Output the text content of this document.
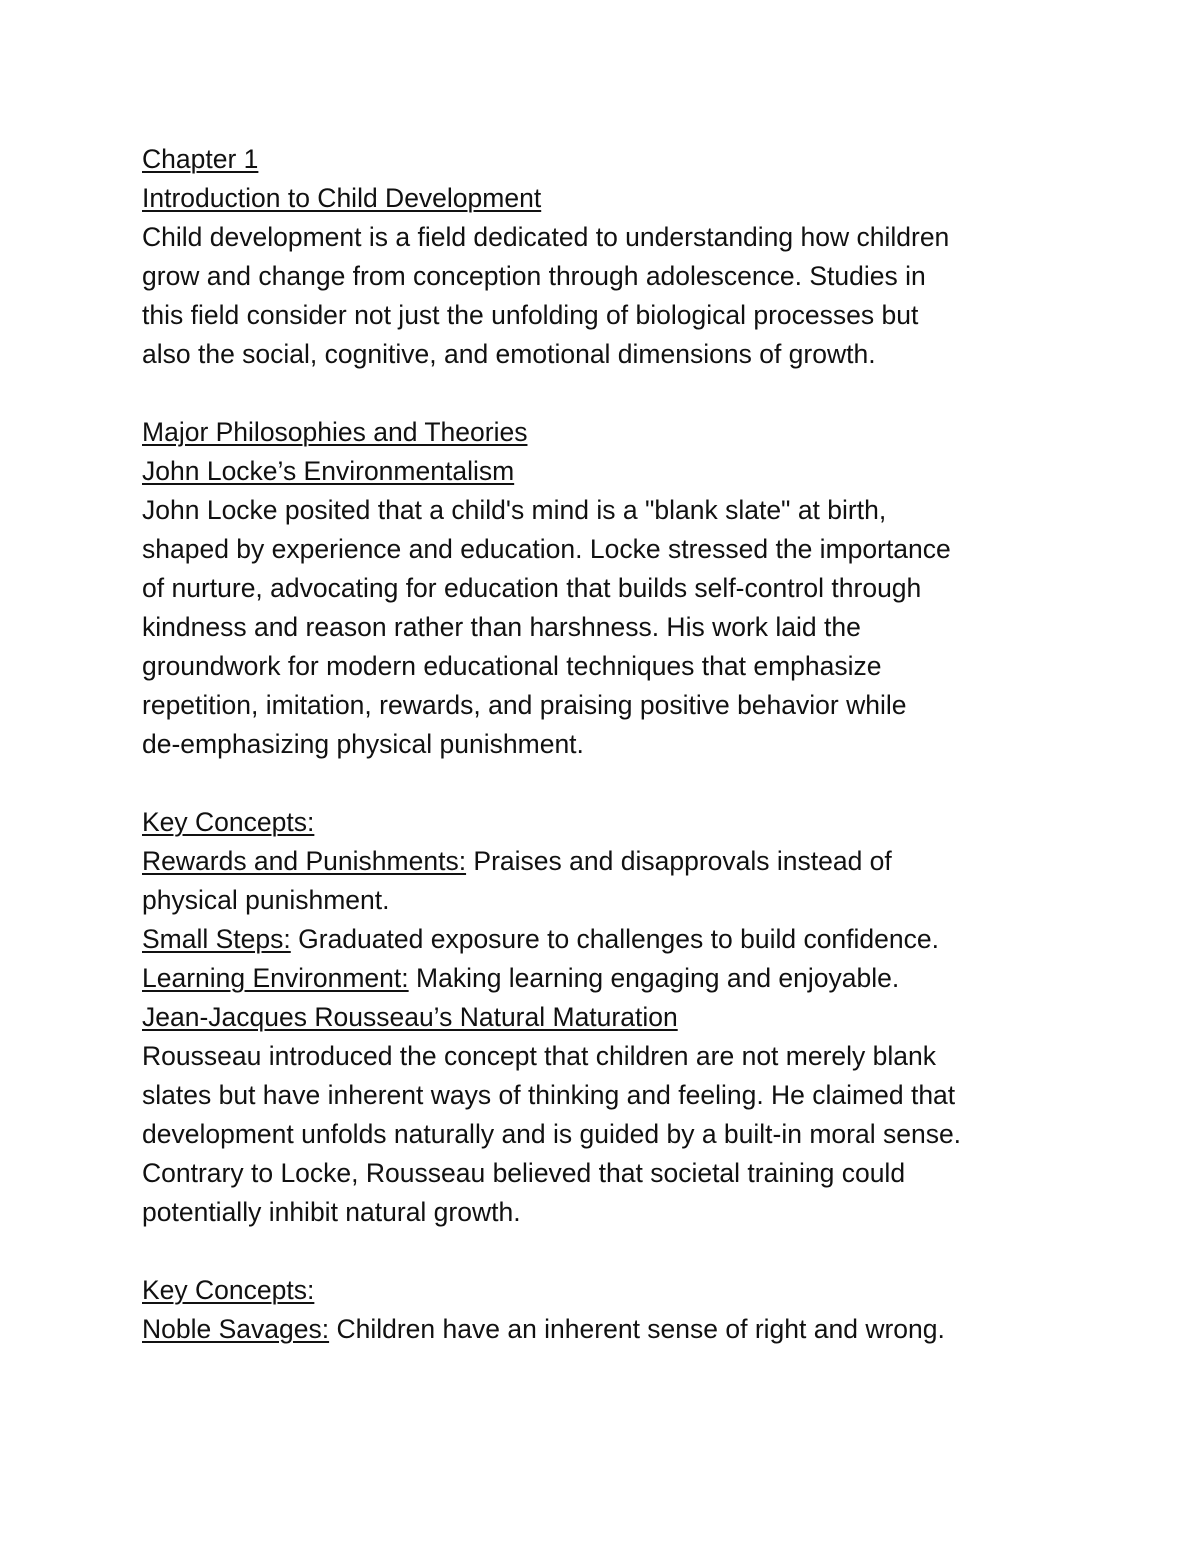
Chapter 1
Introduction to Child Development
Child development is a field dedicated to understanding how children
grow and change from conception through adolescence. Studies in
this field consider not just the unfolding of biological processes but
also the social, cognitive, and emotional dimensions of growth.
Major Philosophies and Theories
John Locke’s Environmentalism
John Locke posited that a child's mind is a "blank slate" at birth,
shaped by experience and education. Locke stressed the importance
of nurture, advocating for education that builds self-control through
kindness and reason rather than harshness. His work laid the
groundwork for modern educational techniques that emphasize
repetition, imitation, rewards, and praising positive behavior while
de-emphasizing physical punishment.
Key Concepts:
Rewards and Punishments: Praises and disapprovals instead of
physical punishment.
Small Steps: Graduated exposure to challenges to build confidence.
Learning Environment: Making learning engaging and enjoyable.
Jean-Jacques Rousseau’s Natural Maturation
Rousseau introduced the concept that children are not merely blank
slates but have inherent ways of thinking and feeling. He claimed that
development unfolds naturally and is guided by a built-in moral sense.
Contrary to Locke, Rousseau believed that societal training could
potentially inhibit natural growth.
Key Concepts:
Noble Savages: Children have an inherent sense of right and wrong.
